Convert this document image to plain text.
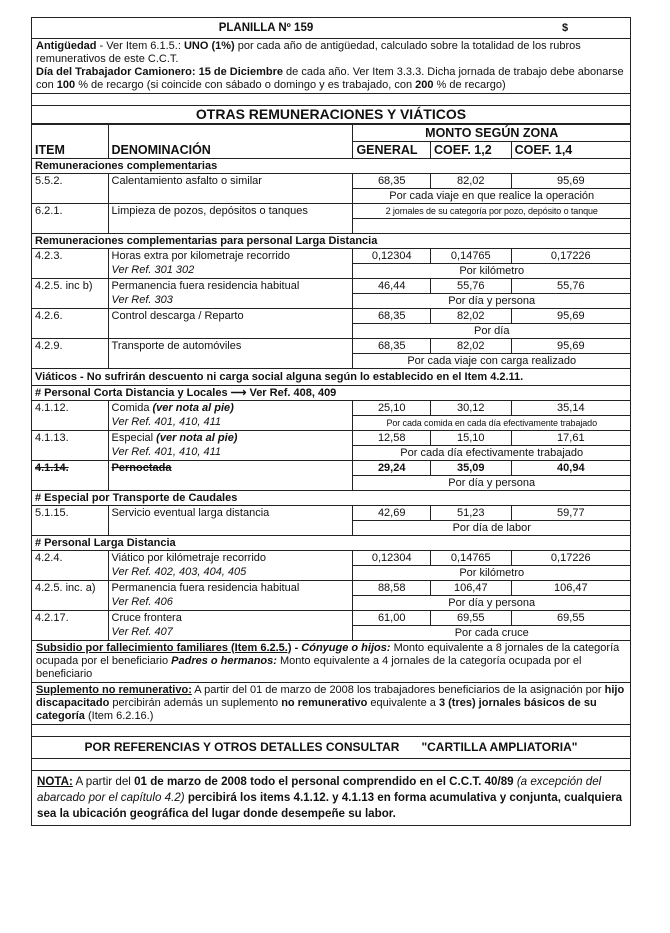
PLANILLA Nº 159	$
Antigüedad - Ver Item 6.1.5.: UNO (1%) por cada año de antigüedad, calculado sobre la totalidad de los rubros remunerativos de este C.C.T.
Día del Trabajador Camionero: 15 de Diciembre de cada año. Ver Item 3.3.3. Dicha jornada de trabajo debe abonarse con 100 % de recargo (si coincide con sábado o domingo y es trabajado, con 200 % de recargo)
OTRAS REMUNERACIONES Y VIÁTICOS
		MONTO SEGÚN ZONA		
ITEM	DENOMINACIÓN	GENERAL	COEF. 1,2	COEF. 1,4
Remuneraciones complementarias				
5.5.2.	Calentamiento asfalto o similar	68,35	82,02	95,69
		Por cada viaje en que realice la operación		
6.2.1.	Limpieza de pozos, depósitos o tanques	2 jornales de su categoría por pozo, depósito o tanque		

Remuneraciones complementarias para personal Larga Distancia				
4.2.3.	Horas extra por kilometraje recorrido	0,12304	0,14765	0,17226
	Ver Ref. 301 302	Por kilómetro		
4.2.5. inc b)	Permanencia fuera residencia habitual	46,44	55,76	55,76
	Ver Ref. 303	Por día y persona		
4.2.6.	Control descarga / Reparto	68,35	82,02	95,69
		Por día		
4.2.9.	Transporte de automóviles	68,35	82,02	95,69
		Por cada viaje con carga realizado		
Viáticos - No sufrirán descuento ni carga social alguna según lo establecido en el Item 4.2.11.				
# Personal Corta Distancia y Locales ⟶ Ver Ref. 408, 409				
4.1.12.	Comida (ver nota al pie)	25,10	30,12	35,14
	Ver Ref. 401, 410, 411	Por cada comida en cada día efectivamente trabajado		
4.1.13.	Especial (ver nota al pie)	12,58	15,10	17,61
	Ver Ref. 401, 410, 411	Por cada día efectivamente trabajado		
4.1.14.	Pernoctada	29,24	35,09	40,94
		Por día y persona		
# Especial por Transporte de Caudales				
5.1.15.	Servicio eventual larga distancia	42,69	51,23	59,77
		Por día de labor		
# Personal Larga Distancia				
4.2.4.	Viático por kilómetraje recorrido	0,12304	0,14765	0,17226
	Ver Ref. 402, 403, 404, 405	Por kilómetro		
4.2.5. inc. a)	Permanencia fuera residencia habitual	88,58	106,47	106,47
	Ver Ref. 406	Por día y persona		
4.2.17.	Cruce frontera	61,00	69,55	69,55
	Ver Ref. 407	Por cada cruce		
Subsidio por fallecimiento familiares (Item 6.2.5.) - Cónyuge o hijos: Monto equivalente a 8 jornales de la categoría ocupada por el beneficiario Padres o hermanos: Monto equivalente a 4 jornales de la categoría ocupada por el beneficiario
Suplemento no remunerativo: A partir del 01 de marzo de 2008 los trabajadores beneficiarios de la asignación por hijo discapacitado percibirán además un suplemento no remunerativo equivalente a 3 (tres) jornales básicos de su categoría (Item 6.2.16.)
POR REFERENCIAS Y OTROS DETALLES CONSULTAR "CARTILLA AMPLIATORIA"
NOTA: A partir del 01 de marzo de 2008 todo el personal comprendido en el C.C.T. 40/89 (a excepción del abarcado por el capítulo 4.2) percibirá los items 4.1.12. y 4.1.13 en forma acumulativa y conjunta, cualquiera sea la ubicación geográfica del lugar donde desempeñe su labor.
